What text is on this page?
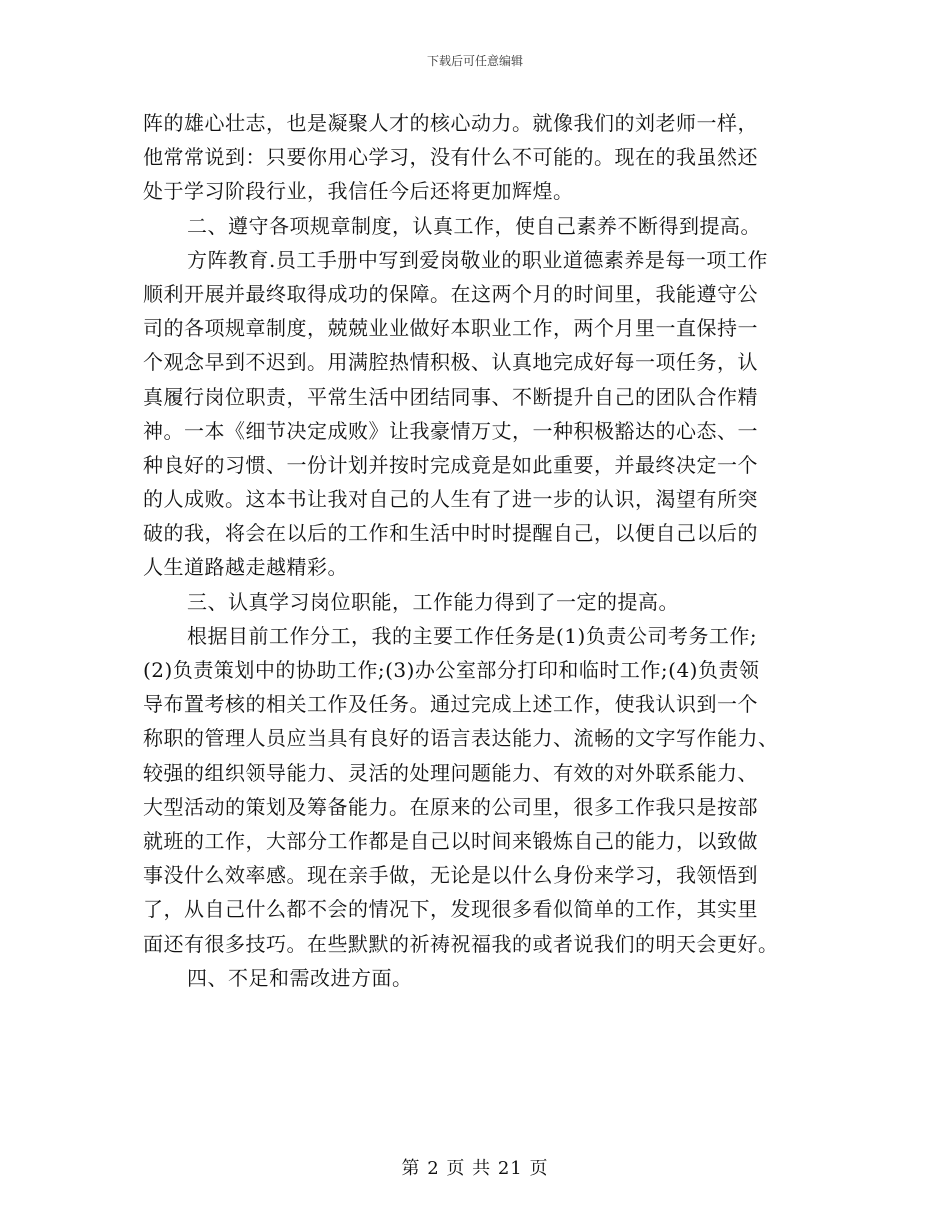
下载后可任意编辑
阵的雄心壮志，也是凝聚人才的核心动力。就像我们的刘老师一样，
他常常说到：只要你用心学习，没有什么不可能的。现在的我虽然还
处于学习阶段行业，我信任今后还将更加辉煌。
二、遵守各项规章制度，认真工作，使自己素养不断得到提高。
方阵教育.员工手册中写到爱岗敬业的职业道德素养是每一项工作
顺利开展并最终取得成功的保障。在这两个月的时间里，我能遵守公
司的各项规章制度，兢兢业业做好本职业工作，两个月里一直保持一
个观念早到不迟到。用满腔热情积极、认真地完成好每一项任务，认
真履行岗位职责，平常生活中团结同事、不断提升自己的团队合作精
神。一本《细节决定成败》让我豪情万丈，一种积极豁达的心态、一
种良好的习惯、一份计划并按时完成竟是如此重要，并最终决定一个
的人成败。这本书让我对自己的人生有了进一步的认识，渴望有所突
破的我，将会在以后的工作和生活中时时提醒自己，以便自己以后的
人生道路越走越精彩。
三、认真学习岗位职能，工作能力得到了一定的提高。
根据目前工作分工，我的主要工作任务是(1)负责公司考务工作;
(2)负责策划中的协助工作;(3)办公室部分打印和临时工作;(4)负责领
导布置考核的相关工作及任务。通过完成上述工作，使我认识到一个
称职的管理人员应当具有良好的语言表达能力、流畅的文字写作能力、
较强的组织领导能力、灵活的处理问题能力、有效的对外联系能力、
大型活动的策划及筹备能力。在原来的公司里，很多工作我只是按部
就班的工作，大部分工作都是自己以时间来锻炼自己的能力，以致做
事没什么效率感。现在亲手做，无论是以什么身份来学习，我领悟到
了，从自己什么都不会的情况下，发现很多看似简单的工作，其实里
面还有很多技巧。在些默默的祈祷祝福我的或者说我们的明天会更好。
四、不足和需改进方面。
第 2 页 共 21 页
